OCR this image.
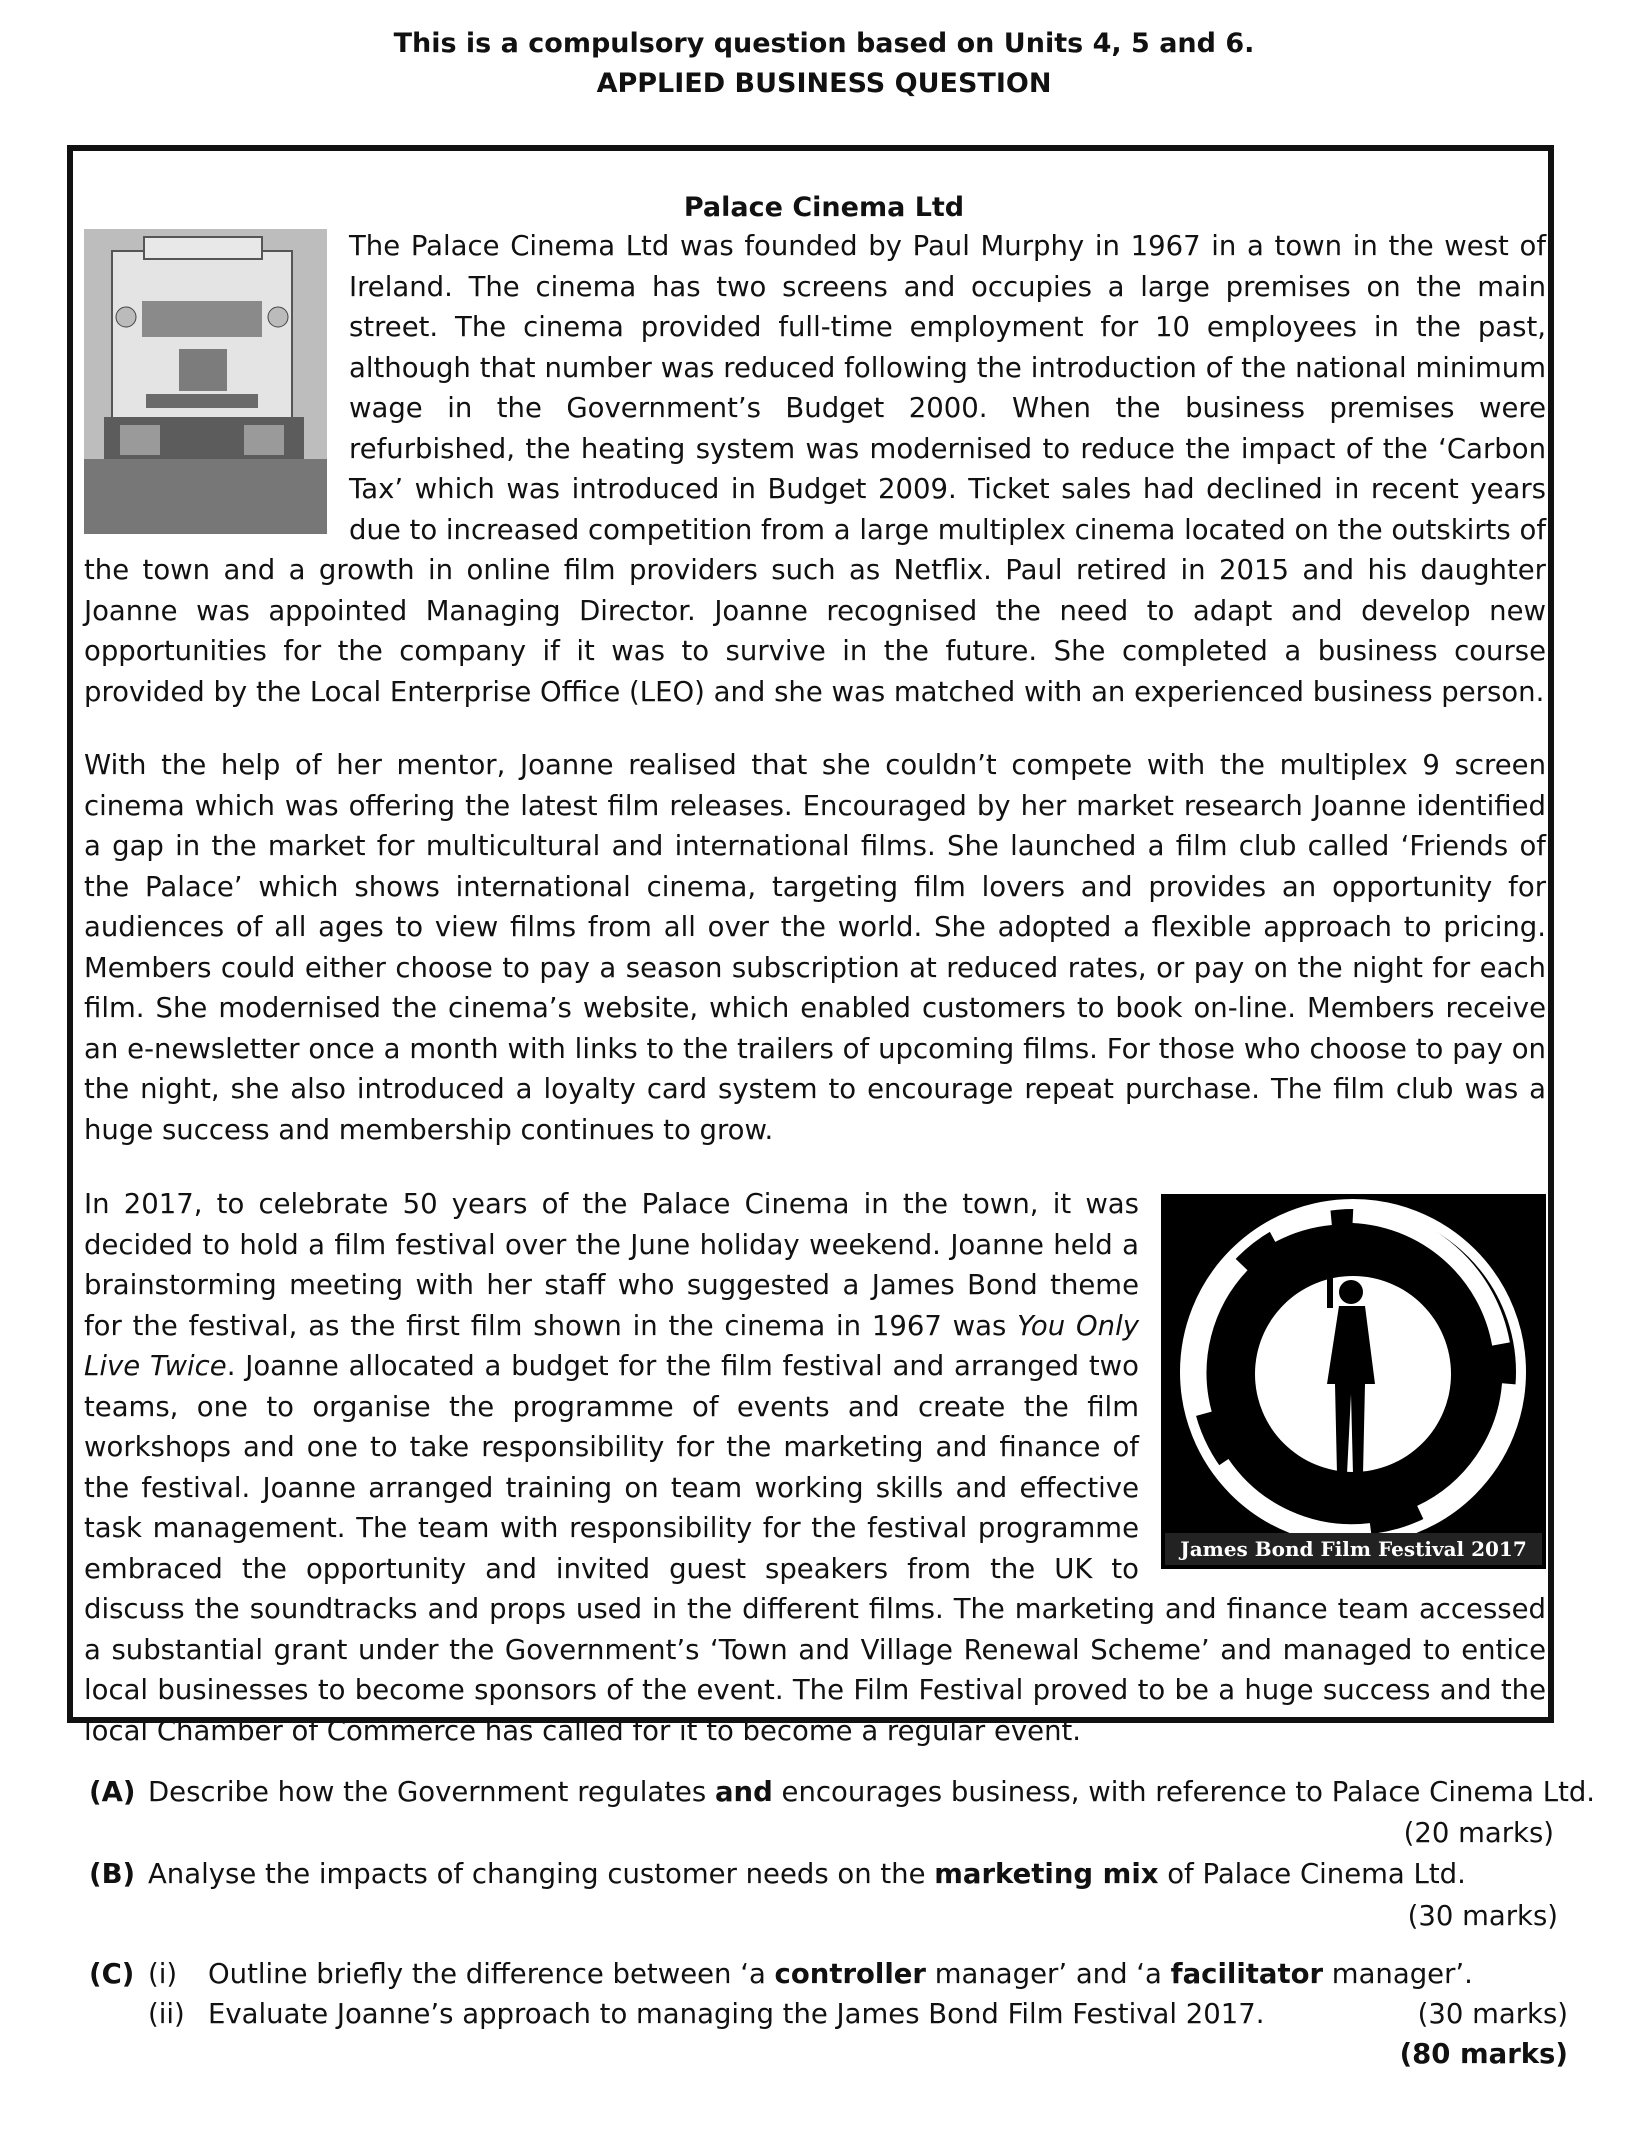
This is a compulsory question based on Units 4, 5 and 6.
APPLIED BUSINESS QUESTION
Palace Cinema Ltd

The Palace Cinema Ltd was founded by Paul Murphy in 1967 in a town in the west of Ireland. The cinema has two screens and occupies a large premises on the main street. The cinema provided full-time employment for 10 employees in the past, although that number was reduced following the introduction of the national minimum wage in the Government’s Budget 2000. When the business premises were refurbished, the heating system was modernised to reduce the impact of the ‘Carbon Tax’ which was introduced in Budget 2009. Ticket sales had declined in recent years due to increased competition from a large multiplex cinema located on the outskirts of the town and a growth in online film providers such as Netflix. Paul retired in 2015 and his daughter Joanne was appointed Managing Director. Joanne recognised the need to adapt and develop new opportunities for the company if it was to survive in the future. She completed a business course provided by the Local Enterprise Office (LEO) and she was matched with an experienced business person.

With the help of her mentor, Joanne realised that she couldn’t compete with the multiplex 9 screen cinema which was offering the latest film releases. Encouraged by her market research Joanne identified a gap in the market for multicultural and international films. She launched a film club called ‘Friends of the Palace’ which shows international cinema, targeting film lovers and provides an opportunity for audiences of all ages to view films from all over the world. She adopted a flexible approach to pricing. Members could either choose to pay a season subscription at reduced rates, or pay on the night for each film. She modernised the cinema’s website, which enabled customers to book on-line. Members receive an e-newsletter once a month with links to the trailers of upcoming films. For those who choose to pay on the night, she also introduced a loyalty card system to encourage repeat purchase. The film club was a huge success and membership continues to grow.

James Bond Film Festival 2017
In 2017, to celebrate 50 years of the Palace Cinema in the town, it was decided to hold a film festival over the June holiday weekend. Joanne held a brainstorming meeting with her staff who suggested a James Bond theme for the festival, as the first film shown in the cinema in 1967 was You Only Live Twice. Joanne allocated a budget for the film festival and arranged two teams, one to organise the programme of events and create the film workshops and one to take responsibility for the marketing and finance of the festival. Joanne arranged training on team working skills and effective task management. The team with responsibility for the festival programme embraced the opportunity and invited guest speakers from the UK to discuss the soundtracks and props used in the different films. The marketing and finance team accessed a substantial grant under the Government’s ‘Town and Village Renewal Scheme’ and managed to entice local businesses to become sponsors of the event. The Film Festival proved to be a huge success and the local Chamber of Commerce has called for it to become a regular event.

(A) Describe how the Government regulates and encourages business, with reference to Palace Cinema Ltd.
(20 marks)
(B) Analyse the impacts of changing customer needs on the marketing mix of Palace Cinema Ltd.
(30 marks)
(C) (i) Outline briefly the difference between ‘a controller manager’ and ‘a facilitator manager’.
(ii) Evaluate Joanne’s approach to managing the James Bond Film Festival 2017.	(30 marks)
(80 marks)
